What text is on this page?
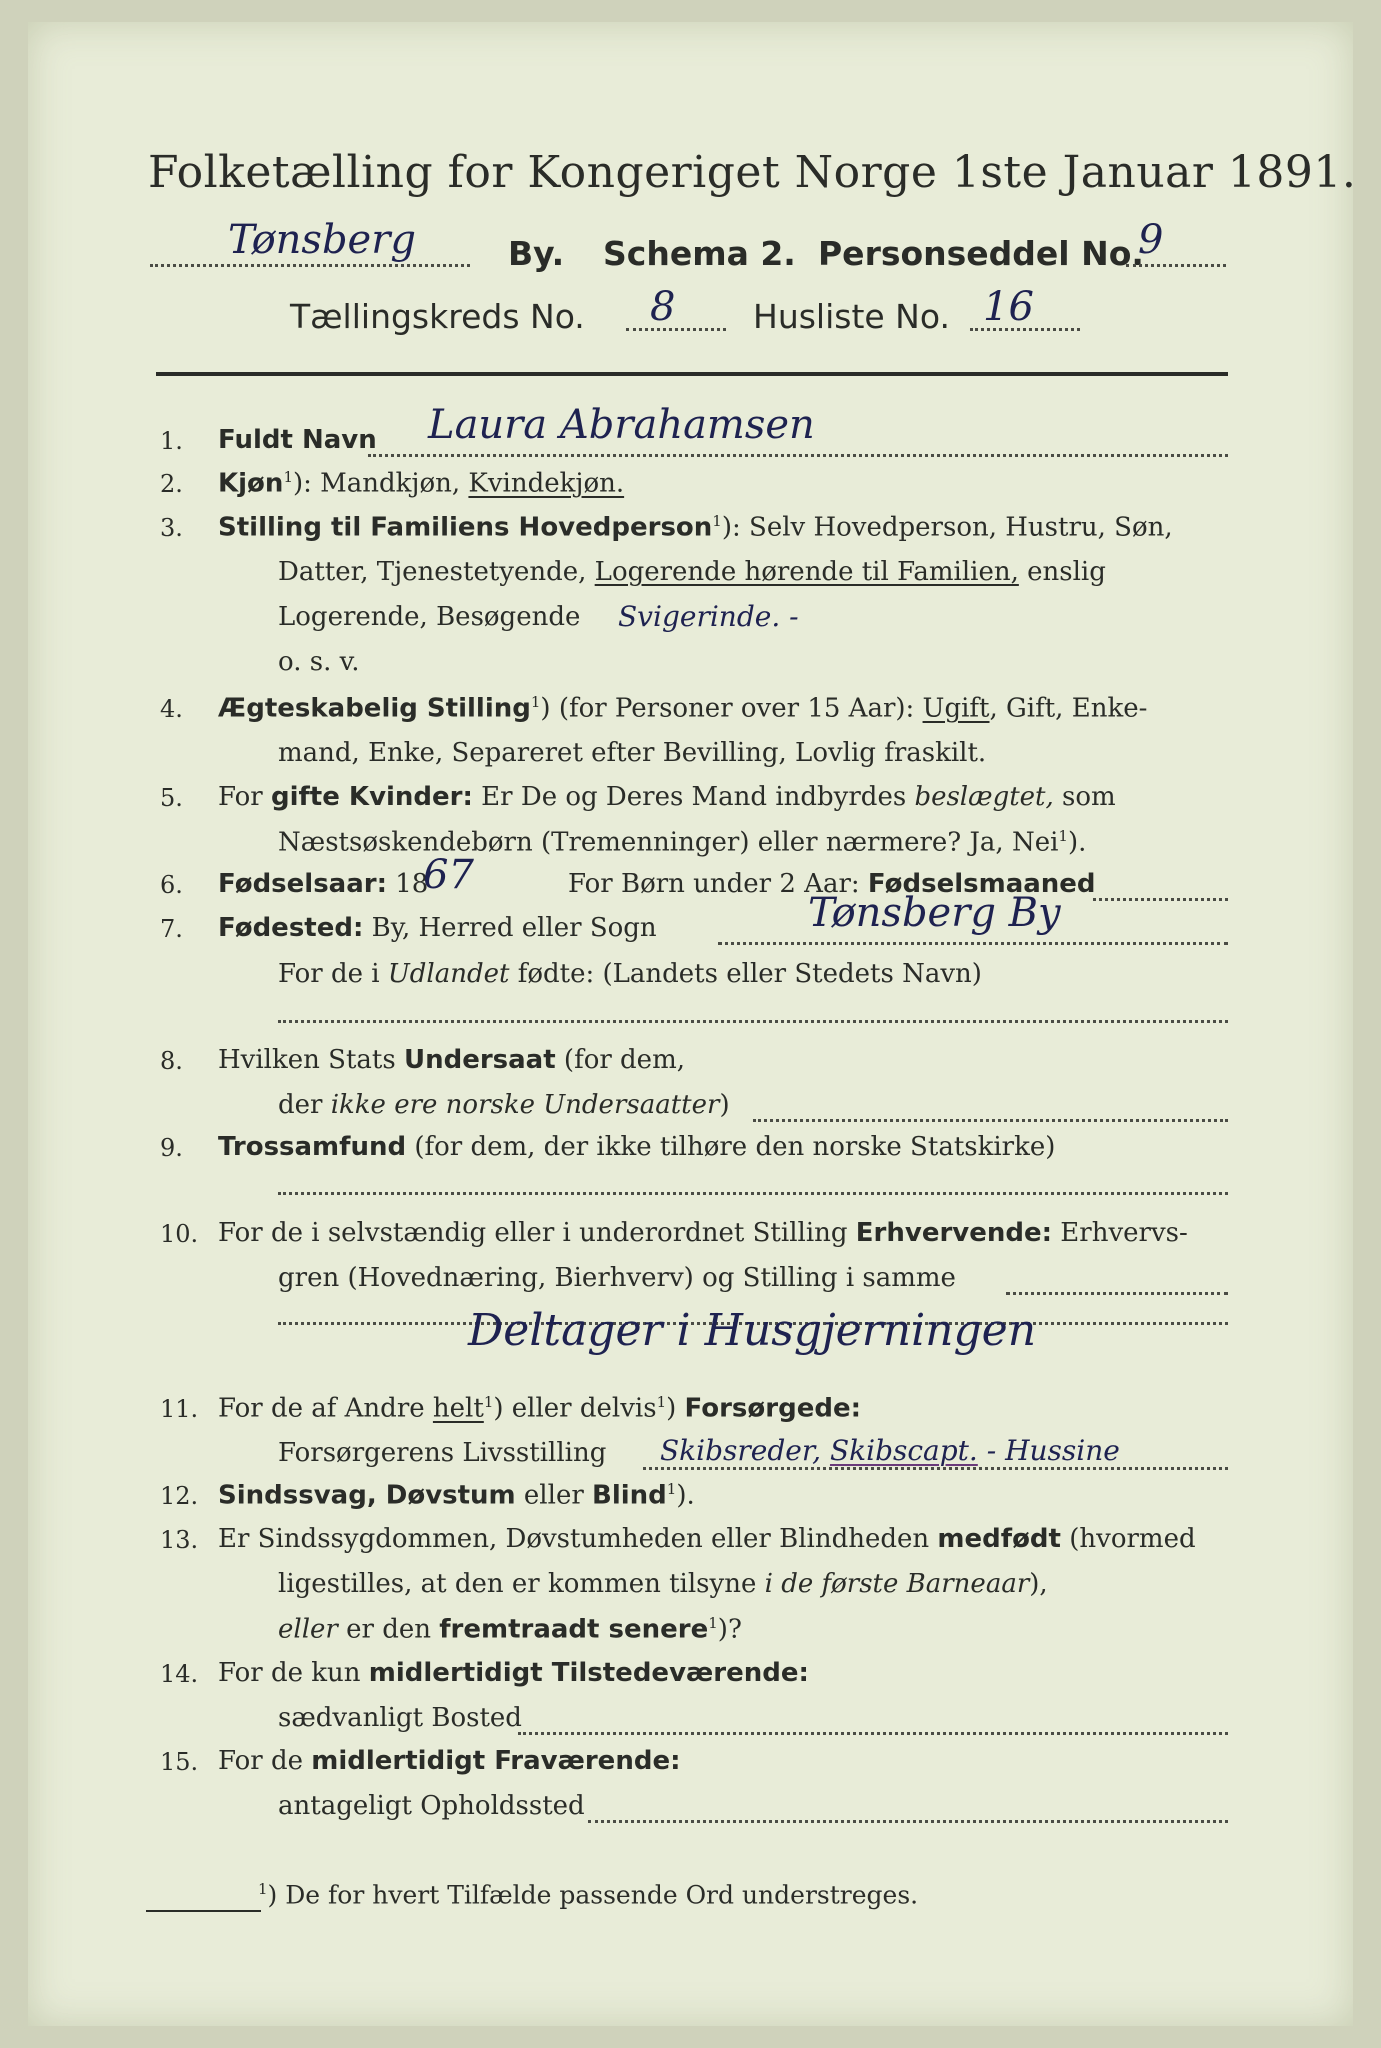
Folketælling for Kongeriget Norge 1ste Januar 1891.
Tønsberg	By. Schema 2. Personseddel No.
9
Tællingskreds No. 8 Husliste No. 16
1. Fuldt Navn Laura Abrahamsen
2. Kjøn$^1$): Mandkjøn, Kvindekjøn.
3. Stilling til Familiens Hovedperson$^1$): Selv Hovedperson, Hustru, Søn,
Datter, Tjenestetyende, Logerende hørende til Familien, enslig
Logerende, Besøgende Svigerinde. -
o. s. v.
4. Ægteskabelig Stilling$^1$) (for Personer over 15 Aar): Ugift, Gift, Enke-
mand, Enke, Separeret efter Bevilling, Lovlig fraskilt.
5. For gifte Kvinder: Er De og Deres Mand indbyrdes beslægtet, som
Næstsøskendebørn (Tremenninger) eller nærmere? Ja, Nei$^1$).
6. Fødselsaar: 18
67	For Børn under 2 Aar: Fødselsmaaned
7. Fødested: By, Herred eller Sogn	Tønsberg By
For de i Udlandet fødte: (Landets eller Stedets Navn)
8. Hvilken Stats Undersaat (for dem,
der ikke ere norske Undersaatter)
9. Trossamfund (for dem, der ikke tilhøre den norske Statskirke)
10. For de i selvstændig eller i underordnet Stilling Erhvervende: Erhvervs-
gren (Hovednæring, Bierhverv) og Stilling i samme
Deltager i Husgjerningen
11. For de af Andre helt$^1$) eller delvis$^1$) Forsørgede:
Forsørgerens Livsstilling Skibsreder, Skibscapt. - Hussine
12. Sindssvag, Døvstum eller Blind$^1$).
13. Er Sindssygdommen, Døvstumheden eller Blindheden medfødt (hvormed
ligestilles, at den er kommen tilsyne i de første Barneaar),
eller er den fremtraadt senere$^1$)?
14. For de kun midlertidigt Tilstedeværende:
sædvanligt Bosted
15. For de midlertidigt Fraværende:
antageligt Opholdssted
$^1$) De for hvert Tilfælde passende Ord understreges.
